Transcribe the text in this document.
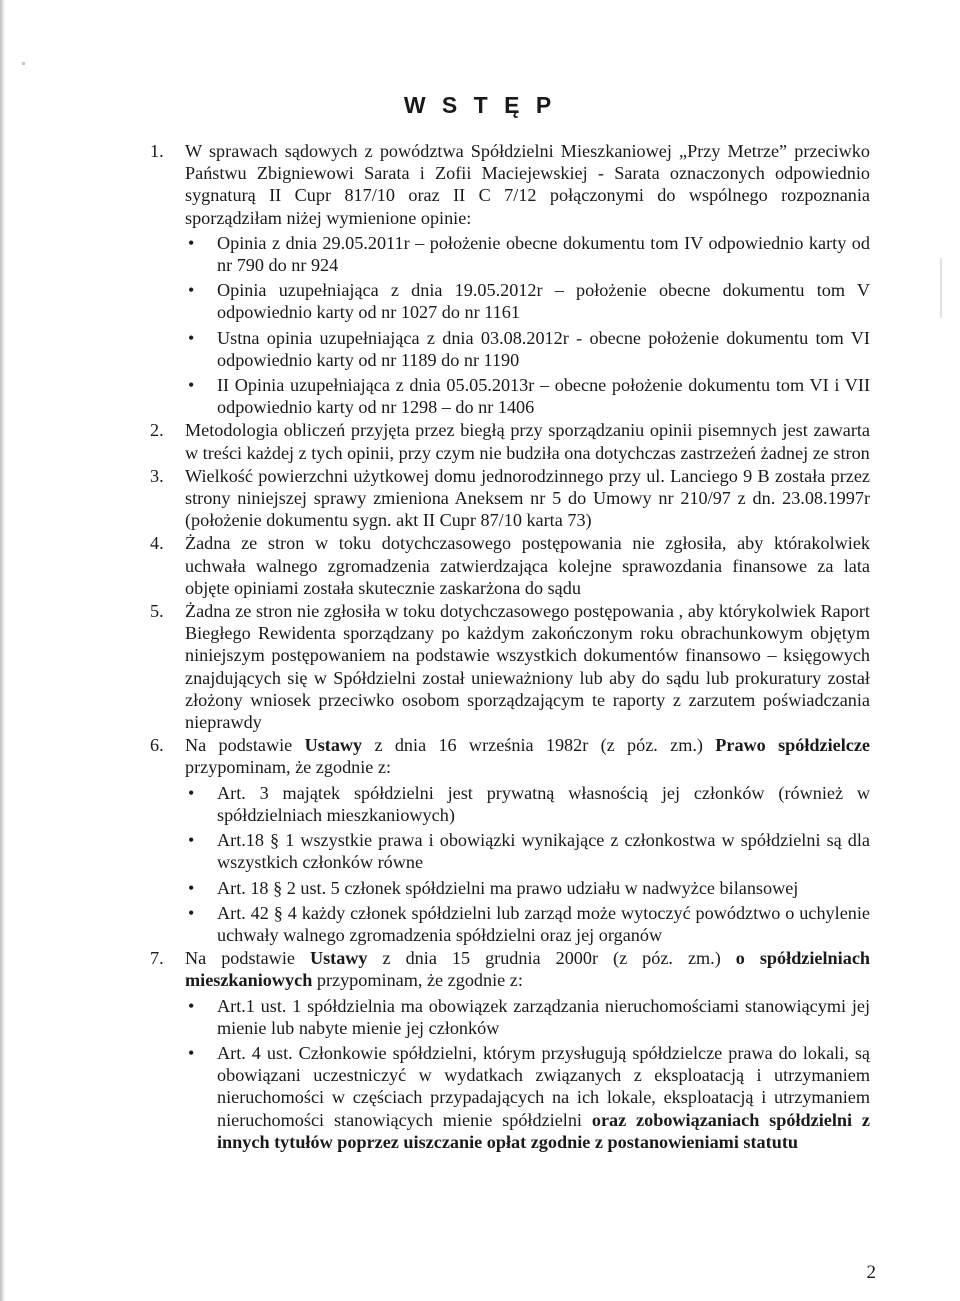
W S T Ę P
1. W sprawach sądowych z powództwa Spółdzielni Mieszkaniowej „Przy Metrze” przeciwko Państwu Zbigniewowi Sarata i Zofii Maciejewskiej - Sarata oznaczonych odpowiednio sygnaturą II Cupr 817/10 oraz II C 7/12 połączonymi do wspólnego rozpoznania sporządziłam niżej wymienione opinie:
• Opinia z dnia 29.05.2011r – położenie obecne dokumentu tom IV odpowiednio karty od nr 790 do nr 924
• Opinia uzupełniająca z dnia 19.05.2012r – położenie obecne dokumentu tom V odpowiednio karty od nr 1027 do nr 1161
• Ustna opinia uzupełniająca z dnia 03.08.2012r - obecne położenie dokumentu tom VI odpowiednio karty od nr 1189 do nr 1190
• II Opinia uzupełniająca z dnia 05.05.2013r – obecne położenie dokumentu tom VI i VII odpowiednio karty od nr 1298 – do nr 1406
2. Metodologia obliczeń przyjęta przez biegłą przy sporządzaniu opinii pisemnych jest zawarta w treści każdej z tych opinii, przy czym nie budziła ona dotychczas zastrzeżeń żadnej ze stron
3. Wielkość powierzchni użytkowej domu jednorodzinnego przy ul. Lanciego 9 B została przez strony niniejszej sprawy zmieniona Aneksem nr 5 do Umowy nr 210/97 z dn. 23.08.1997r (położenie dokumentu sygn. akt II Cupr 87/10 karta 73)
4. Żadna ze stron w toku dotychczasowego postępowania nie zgłosiła, aby którakolwiek uchwała walnego zgromadzenia zatwierdzająca kolejne sprawozdania finansowe za lata objęte opiniami została skutecznie zaskarżona do sądu
5. Żadna ze stron nie zgłosiła w toku dotychczasowego postępowania , aby którykolwiek Raport Biegłego Rewidenta sporządzany po każdym zakończonym roku obrachunkowym objętym niniejszym postępowaniem na podstawie wszystkich dokumentów finansowo – księgowych znajdujących się w Spółdzielni został unieważniony lub aby do sądu lub prokuratury został złożony wniosek przeciwko osobom sporządzającym te raporty z zarzutem poświadczania nieprawdy
6. Na podstawie Ustawy z dnia 16 września 1982r (z póz. zm.) Prawo spółdzielcze przypominam, że zgodnie z:
• Art. 3 majątek spółdzielni jest prywatną własnością jej członków (również w spółdzielniach mieszkaniowych)
• Art.18 § 1 wszystkie prawa i obowiązki wynikające z członkostwa w spółdzielni są dla wszystkich członków równe
• Art. 18 § 2 ust. 5 członek spółdzielni ma prawo udziału w nadwyżce bilansowej
• Art. 42 § 4 każdy członek spółdzielni lub zarząd może wytoczyć powództwo o uchylenie uchwały walnego zgromadzenia spółdzielni oraz jej organów
7. Na podstawie Ustawy z dnia 15 grudnia 2000r (z póz. zm.) o spółdzielniach mieszkaniowych przypominam, że zgodnie z:
• Art.1 ust. 1 spółdzielnia ma obowiązek zarządzania nieruchomościami stanowiącymi jej mienie lub nabyte mienie jej członków
• Art. 4 ust. Członkowie spółdzielni, którym przysługują spółdzielcze prawa do lokali, są obowiązani uczestniczyć w wydatkach związanych z eksploatacją i utrzymaniem nieruchomości w częściach przypadających na ich lokale, eksploatacją i utrzymaniem nieruchomości stanowiących mienie spółdzielni oraz zobowiązaniach spółdzielni z innych tytułów poprzez uiszczanie opłat zgodnie z postanowieniami statutu
2
